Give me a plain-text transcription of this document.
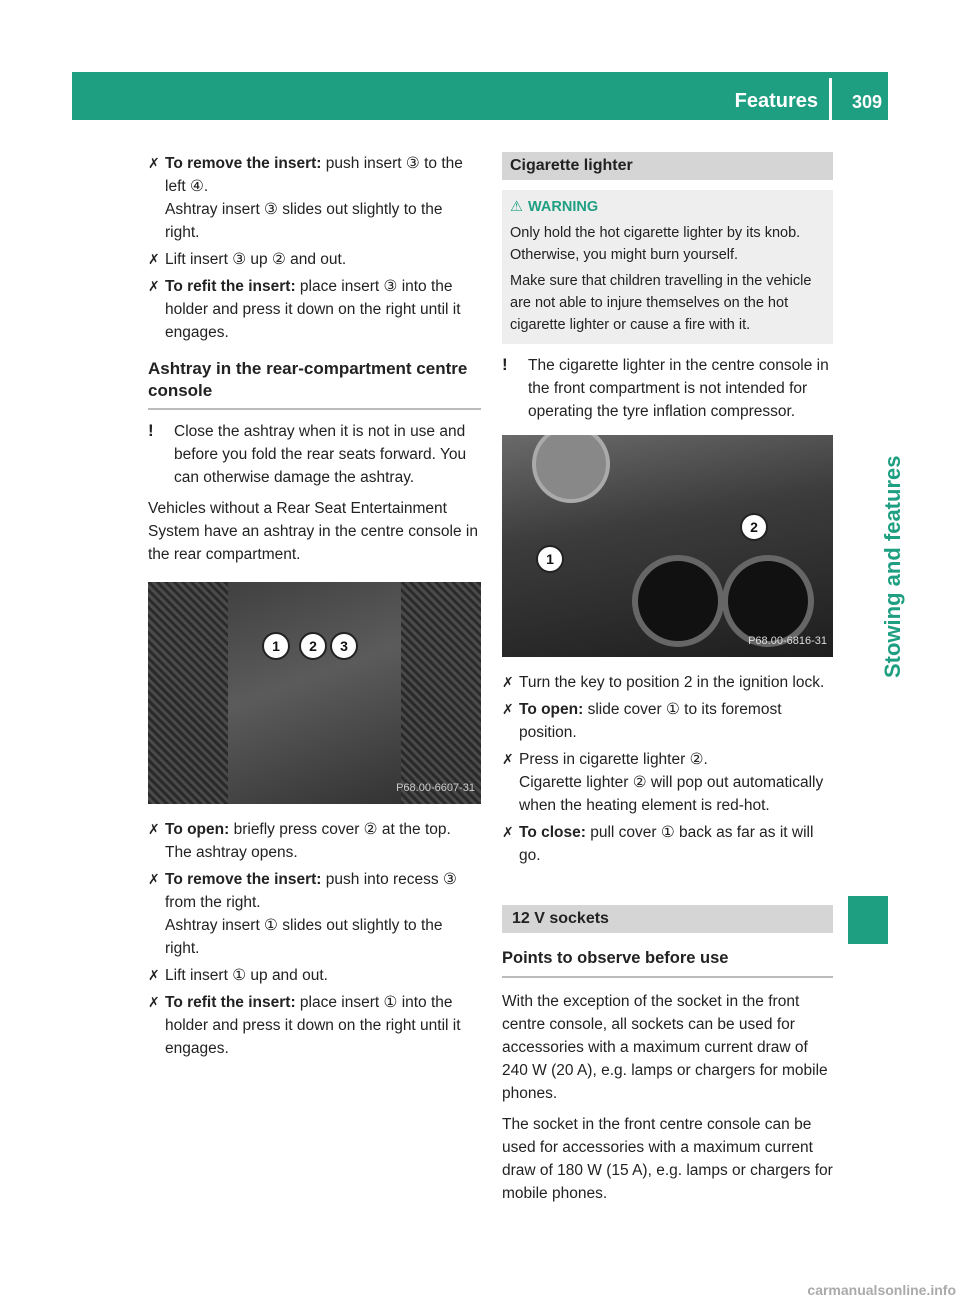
Features 309
Stowing and features
✗ To remove the insert: push insert ③ to the left ④.
Ashtray insert ③ slides out slightly to the right.
✗ Lift insert ③ up ② and out.
✗ To refit the insert: place insert ③ into the holder and press it down on the right until it engages.
Ashtray in the rear-compartment centre console
! Close the ashtray when it is not in use and before you fold the rear seats forward. You can otherwise damage the ashtray.
Vehicles without a Rear Seat Entertainment System have an ashtray in the centre console in the rear compartment.
1	2	3
P68.00-6607-31
✗ To open: briefly press cover ② at the top.
The ashtray opens.
✗ To remove the insert: push into recess ③ from the right.
Ashtray insert ① slides out slightly to the right.
✗ Lift insert ① up and out.
✗ To refit the insert: place insert ① into the holder and press it down on the right until it engages.
Cigarette lighter
⚠ WARNING

Only hold the hot cigarette lighter by its knob. Otherwise, you might burn yourself.

Make sure that children travelling in the vehicle are not able to injure themselves on the hot cigarette lighter or cause a fire with it.

! The cigarette lighter in the centre console in the front compartment is not intended for operating the tyre inflation compressor.
1
2
P68.00-6816-31
✗ Turn the key to position 2 in the ignition lock.
✗ To open: slide cover ① to its foremost position.
✗ Press in cigarette lighter ②.
Cigarette lighter ② will pop out automatically when the heating element is red-hot.
✗ To close: pull cover ① back as far as it will go.
12 V sockets
Points to observe before use
With the exception of the socket in the front centre console, all sockets can be used for accessories with a maximum current draw of 240 W (20 A), e.g. lamps or chargers for mobile phones.
The socket in the front centre console can be used for accessories with a maximum current draw of 180 W (15 A), e.g. lamps or chargers for mobile phones.
carmanualsonline.info
